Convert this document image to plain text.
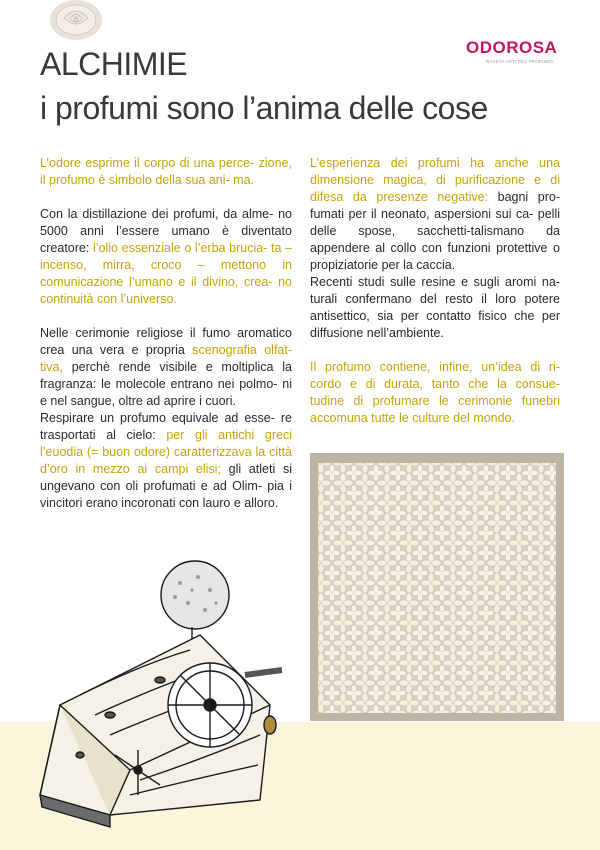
ALCHIMIE
i profumi sono l’anima delle cose
ODOROSA
RIVISTA ARTI DEL PROFUMO

L’odore esprime il corpo di una perce- zione, il profumo è simbolo della sua ani- ma.

Con la distillazione dei profumi, da alme- no 5000 anni l’essere umano è diventato creatore: l’olio essenziale o l’erba brucia- ta – incenso, mirra, croco – mettono in comunicazione l’umano e il divino, crea- no continuità con l’universo.

Nelle cerimonie religiose il fumo aromatico crea una vera e propria scenografia olfat- tiva, perchè rende visibile e moltiplica la fragranza: le molecole entrano nei polmo- ni e nel sangue, oltre ad aprire i cuori.

Respirare un profumo equivale ad esse- re trasportati al cielo: per gli antichi greci l’euodia (= buon odore) caratterizzava la città d’oro in mezzo ai campi elisi; gli atleti si ungevano con oli profumati e ad Olim- pia i vincitori erano incoronati con lauro e alloro.

L’esperienza dei profumi ha anche una dimensione magica, di purificazione e di difesa da presenze negative: bagni pro- fumati per il neonato, aspersioni sui ca- pelli delle spose, sacchetti-talismano da appendere al collo con funzioni protettive o propiziatorie per la caccia.

Recenti studi sulle resine e sugli aromi na- turali confermano del resto il loro potere antisettico, sia per contatto fisico che per diffusione nell’ambiente.

Il profumo contiene, infine, un’idea di ri- cordo e di durata, tanto che la consue- tudine di profumare le cerimonie funebri accomuna tutte le culture del mondo.
